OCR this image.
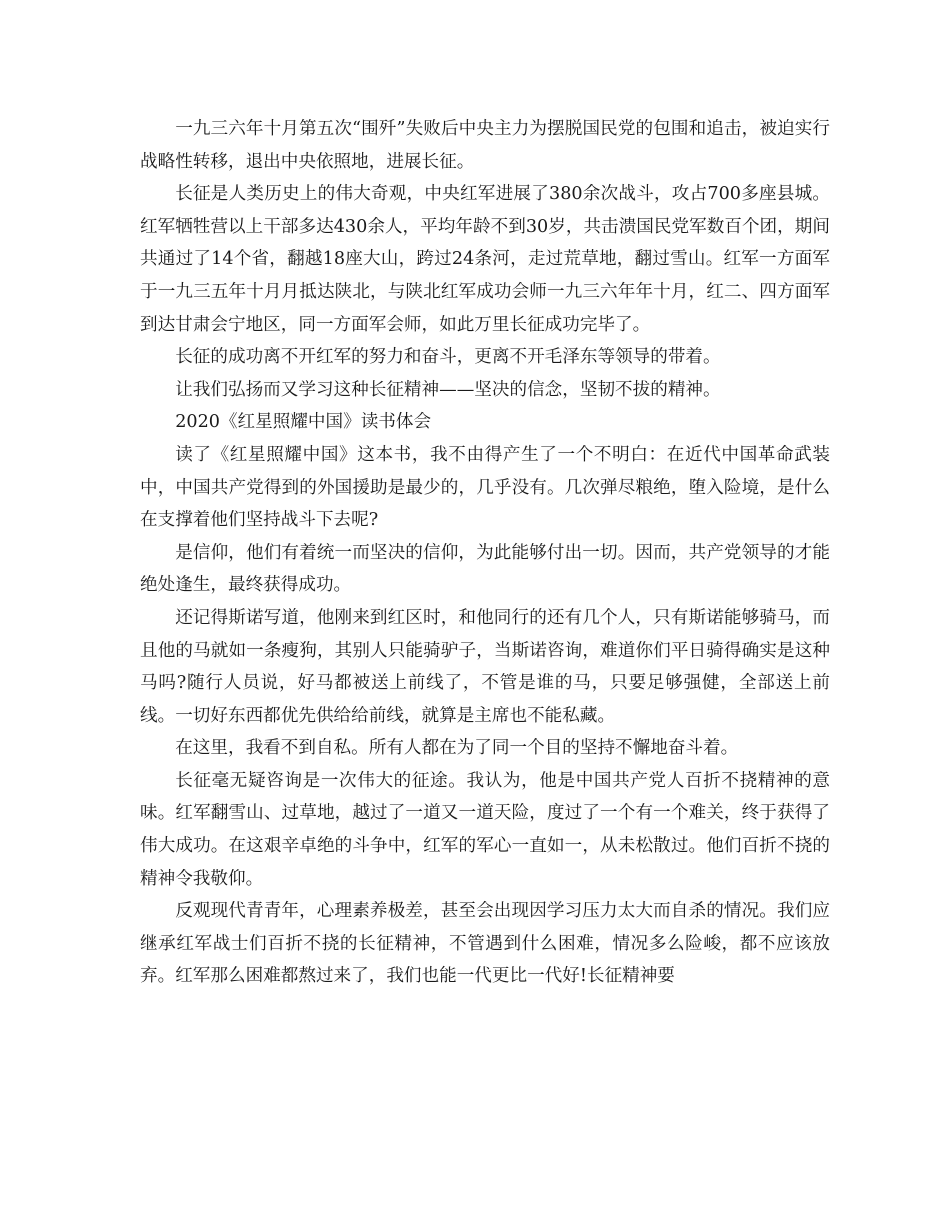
一九三六年十月第五次“围歼”失败后中央主力为摆脱国民党的包围和追击，被迫实行战略性转移，退出中央依照地，进展长征。

长征是人类历史上的伟大奇观，中央红军进展了380余次战斗，攻占700多座县城。红军牺牲营以上干部多达430余人，平均年龄不到30岁，共击溃国民党军数百个团，期间共通过了14个省，翻越18座大山，跨过24条河，走过荒草地，翻过雪山。红军一方面军于一九三五年十月月抵达陕北，与陕北红军成功会师一九三六年年十月，红二、四方面军到达甘肃会宁地区，同一方面军会师，如此万里长征成功完毕了。

长征的成功离不开红军的努力和奋斗，更离不开毛泽东等领导的带着。

让我们弘扬而又学习这种长征精神——坚决的信念，坚韧不拔的精神。

2020《红星照耀中国》读书体会

读了《红星照耀中国》这本书，我不由得产生了一个不明白：在近代中国革命武装中，中国共产党得到的外国援助是最少的，几乎没有。几次弹尽粮绝，堕入险境，是什么在支撑着他们坚持战斗下去呢?

是信仰，他们有着统一而坚决的信仰，为此能够付出一切。因而，共产党领导的才能绝处逢生，最终获得成功。

还记得斯诺写道，他刚来到红区时，和他同行的还有几个人，只有斯诺能够骑马，而且他的马就如一条瘦狗，其别人只能骑驴子，当斯诺咨询，难道你们平日骑得确实是这种马吗?随行人员说，好马都被送上前线了，不管是谁的马，只要足够强健，全部送上前线。一切好东西都优先供给给前线，就算是主席也不能私藏。

在这里，我看不到自私。所有人都在为了同一个目的坚持不懈地奋斗着。

长征毫无疑咨询是一次伟大的征途。我认为，他是中国共产党人百折不挠精神的意味。红军翻雪山、过草地，越过了一道又一道天险，度过了一个有一个难关，终于获得了伟大成功。在这艰辛卓绝的斗争中，红军的军心一直如一，从未松散过。他们百折不挠的精神令我敬仰。

反观现代青青年，心理素养极差，甚至会出现因学习压力太大而自杀的情况。我们应继承红军战士们百折不挠的长征精神，不管遇到什么困难，情况多么险峻，都不应该放弃。红军那么困难都熬过来了，我们也能一代更比一代好!长征精神要
